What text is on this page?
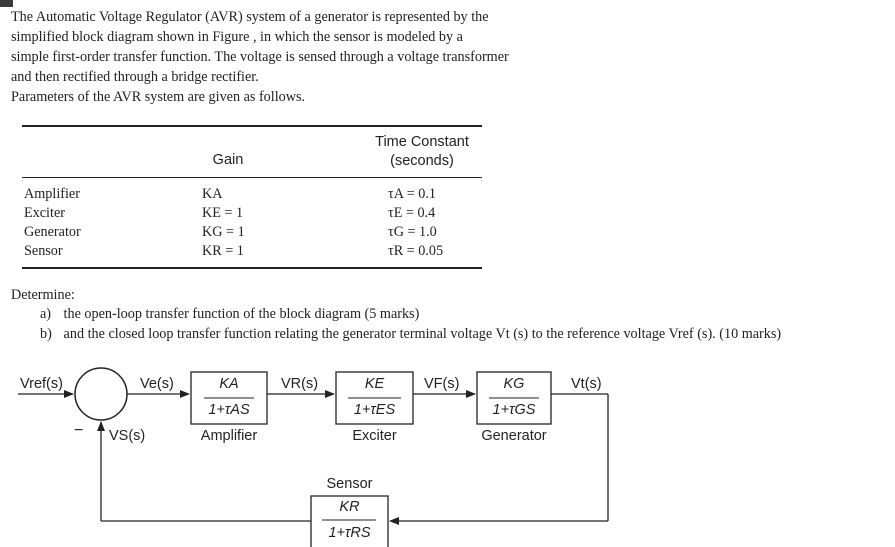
The Automatic Voltage Regulator (AVR) system of a generator is represented by the
simplified block diagram shown in Figure , in which the sensor is modeled by a
simple first-order transfer function. The voltage is sensed through a voltage transformer
and then rectified through a bridge rectifier.
Parameters of the AVR system are given as follows.
Gain
Time Constant
(seconds)
Amplifier	KA	τA = 0.1
Exciter	KE = 1	τE = 0.4
Generator	KG = 1	τG = 1.0
Sensor	KR = 1	τR = 0.05
Determine:
a) the open-loop transfer function of the block diagram (5 marks)
b) and the closed loop transfer function relating the generator terminal voltage Vt (s) to the reference voltage Vref (s). (10 marks)
Vref(s)	Ve(s)	VR(s)	VF(s)	Vt(s)
− VS(s)
KA
1+τAS
Amplifier
KE
1+τES
Exciter
KG
1+τGS
Generator
Sensor
KR
1+τRS
